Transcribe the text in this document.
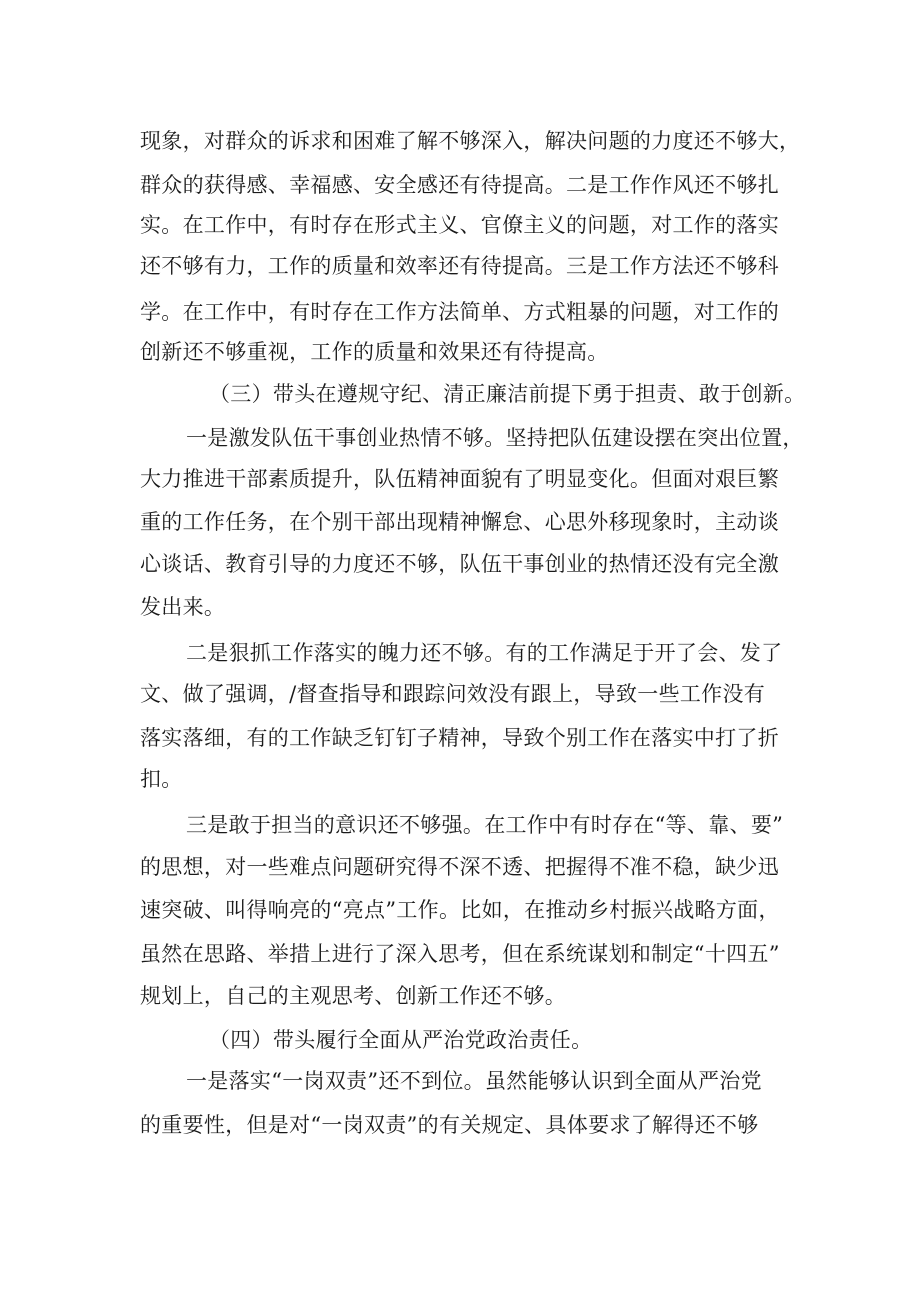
现象，对群众的诉求和困难了解不够深入，解决问题的力度还不够大，
群众的获得感、幸福感、安全感还有待提高。二是工作作风还不够扎
实。在工作中，有时存在形式主义、官僚主义的问题，对工作的落实
还不够有力，工作的质量和效率还有待提高。三是工作方法还不够科
学。在工作中，有时存在工作方法简单、方式粗暴的问题，对工作的
创新还不够重视，工作的质量和效果还有待提高。
（三）带头在遵规守纪、清正廉洁前提下勇于担责、敢于创新。
一是激发队伍干事创业热情不够。坚持把队伍建设摆在突出位置，
大力推进干部素质提升，队伍精神面貌有了明显变化。但面对艰巨繁
重的工作任务，在个别干部出现精神懈怠、心思外移现象时，主动谈
心谈话、教育引导的力度还不够，队伍干事创业的热情还没有完全激
发出来。
二是狠抓工作落实的魄力还不够。有的工作满足于开了会、发了
文、做了强调，/督查指导和跟踪问效没有跟上，导致一些工作没有
落实落细，有的工作缺乏钉钉子精神，导致个别工作在落实中打了折
扣。
三是敢于担当的意识还不够强。在工作中有时存在“等、靠、要”
的思想，对一些难点问题研究得不深不透、把握得不准不稳，缺少迅
速突破、叫得响亮的“亮点”工作。比如，在推动乡村振兴战略方面，
虽然在思路、举措上进行了深入思考，但在系统谋划和制定“十四五”
规划上，自己的主观思考、创新工作还不够。
（四）带头履行全面从严治党政治责任。
一是落实“一岗双责”还不到位。虽然能够认识到全面从严治党
的重要性，但是对“一岗双责”的有关规定、具体要求了解得还不够
